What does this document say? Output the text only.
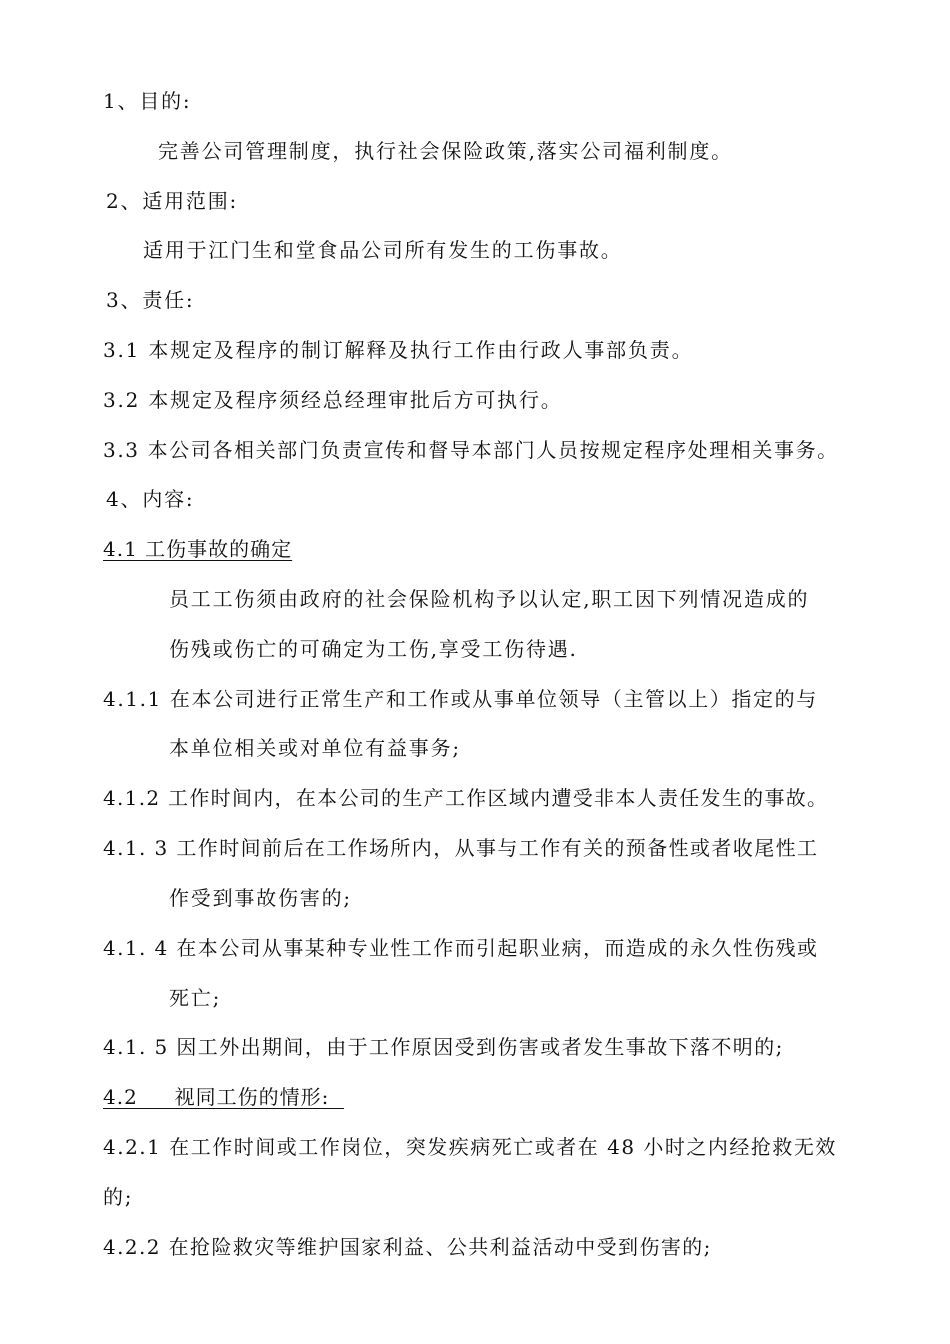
1、目的:
完善公司管理制度，执行社会保险政策,落实公司福利制度。
2、适用范围:
适用于江门生和堂食品公司所有发生的工伤事故。
3、责任:
3.1 本规定及程序的制订解释及执行工作由行政人事部负责。
3.2 本规定及程序须经总经理审批后方可执行。
3.3 本公司各相关部门负责宣传和督导本部门人员按规定程序处理相关事务。
4、内容:
4.1 工伤事故的确定
员工工伤须由政府的社会保险机构予以认定,职工因下列情况造成的
伤残或伤亡的可确定为工伤,享受工伤待遇.
4.1.1 在本公司进行正常生产和工作或从事单位领导（主管以上）指定的与
本单位相关或对单位有益事务;
4.1.2 工作时间内，在本公司的生产工作区域内遭受非本人责任发生的事故。
4.1. 3 工作时间前后在工作场所内，从事与工作有关的预备性或者收尾性工
作受到事故伤害的;
4.1. 4 在本公司从事某种专业性工作而引起职业病，而造成的永久性伤残或
死亡;
4.1. 5 因工外出期间，由于工作原因受到伤害或者发生事故下落不明的;
4.2     视同工伤的情形:
4.2.1 在工作时间或工作岗位，突发疾病死亡或者在 48 小时之内经抢救无效
的;
4.2.2 在抢险救灾等维护国家利益、公共利益活动中受到伤害的;
